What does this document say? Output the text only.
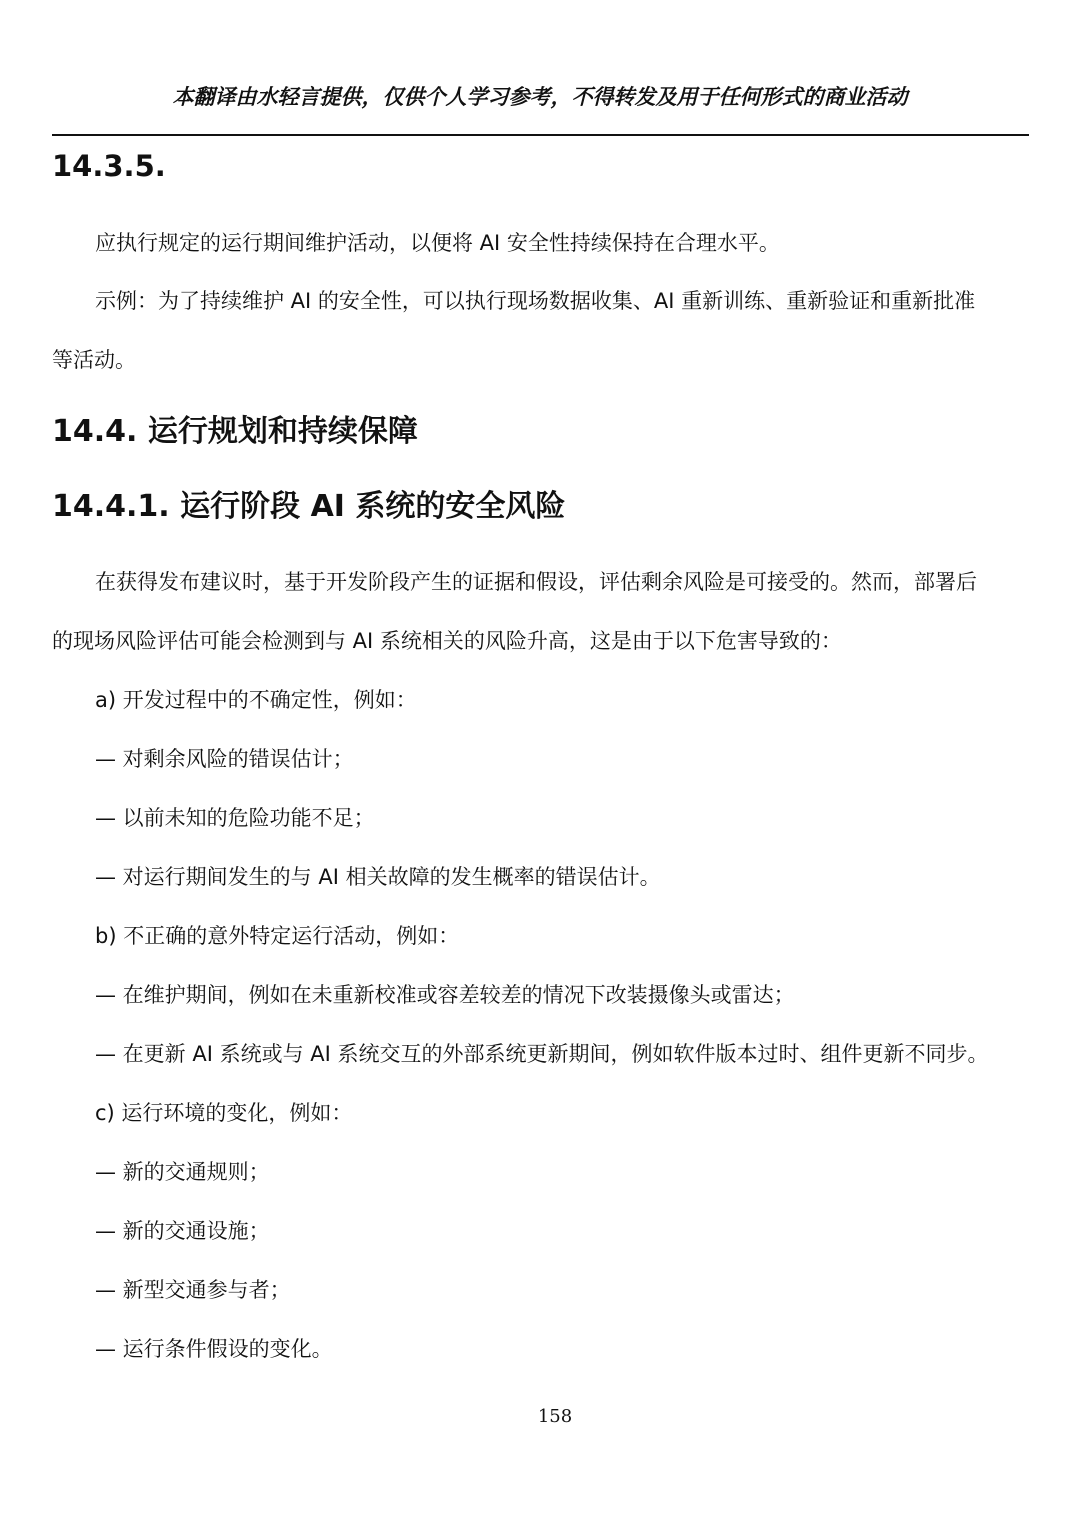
本翻译由水轻言提供，仅供个人学习参考，不得转发及用于任何形式的商业活动
14.3.5.
应执行规定的运行期间维护活动，以便将 AI 安全性持续保持在合理水平。
示例：为了持续维护 AI 的安全性，可以执行现场数据收集、AI 重新训练、重新验证和重新批准
等活动。
14.4. 运行规划和持续保障
14.4.1. 运行阶段 AI 系统的安全风险
在获得发布建议时，基于开发阶段产生的证据和假设，评估剩余风险是可接受的。然而，部署后
的现场风险评估可能会检测到与 AI 系统相关的风险升高，这是由于以下危害导致的：
a) 开发过程中的不确定性，例如：
— 对剩余风险的错误估计；
— 以前未知的危险功能不足；
— 对运行期间发生的与 AI 相关故障的发生概率的错误估计。
b) 不正确的意外特定运行活动，例如：
— 在维护期间，例如在未重新校准或容差较差的情况下改装摄像头或雷达；
— 在更新 AI 系统或与 AI 系统交互的外部系统更新期间，例如软件版本过时、组件更新不同步。
c) 运行环境的变化，例如：
— 新的交通规则；
— 新的交通设施；
— 新型交通参与者；
— 运行条件假设的变化。
158
